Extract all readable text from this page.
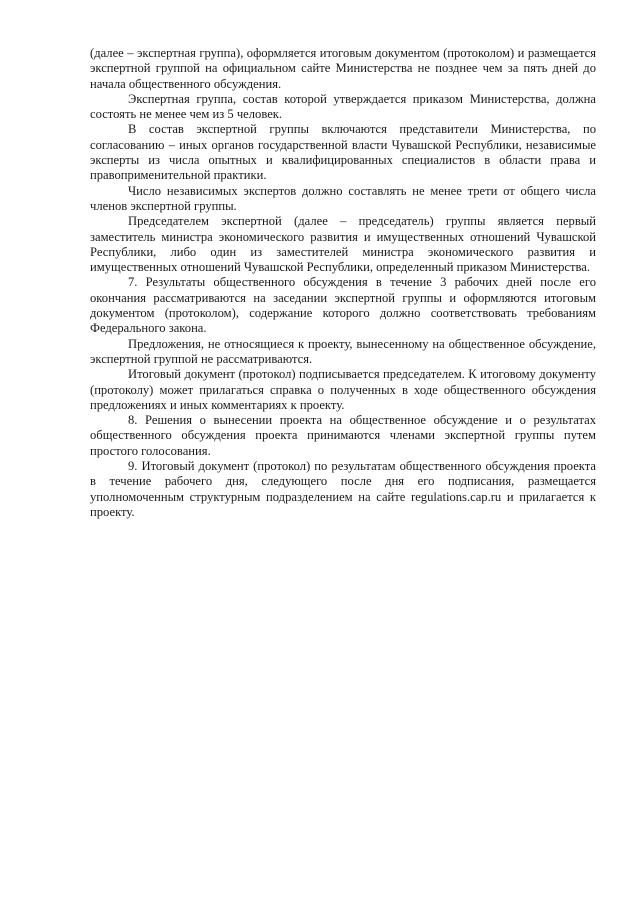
(далее – экспертная группа), оформляется итоговым документом (протоколом) и размещается экспертной группой на официальном сайте Министерства не позднее чем за пять дней до начала общественного обсуждения.

Экспертная группа, состав которой утверждается приказом Министерства, должна состоять не менее чем из 5 человек.

В состав экспертной группы включаются представители Министерства, по согласованию – иных органов государственной власти Чувашской Республики, независимые эксперты из числа опытных и квалифицированных специалистов в области права и правоприменительной практики.

Число независимых экспертов должно составлять не менее трети от общего числа членов экспертной группы.

Председателем экспертной (далее – председатель) группы является первый заместитель министра экономического развития и имущественных отношений Чувашской Республики, либо один из заместителей министра экономического развития и имущественных отношений Чувашской Республики, определенный приказом Министерства.

7. Результаты общественного обсуждения в течение 3 рабочих дней после его окончания рассматриваются на заседании экспертной группы и оформляются итоговым документом (протоколом), содержание которого должно соответствовать требованиям Федерального закона.

Предложения, не относящиеся к проекту, вынесенному на общественное обсуждение, экспертной группой не рассматриваются.

Итоговый документ (протокол) подписывается председателем. К итоговому документу (протоколу) может прилагаться справка о полученных в ходе общественного обсуждения предложениях и иных комментариях к проекту.

8. Решения о вынесении проекта на общественное обсуждение и о результатах общественного обсуждения проекта принимаются членами экспертной группы путем простого голосования.

9. Итоговый документ (протокол) по результатам общественного обсуждения проекта в течение рабочего дня, следующего после дня его подписания, размещается уполномоченным структурным подразделением на сайте regulations.cap.ru и прилагается к проекту.
